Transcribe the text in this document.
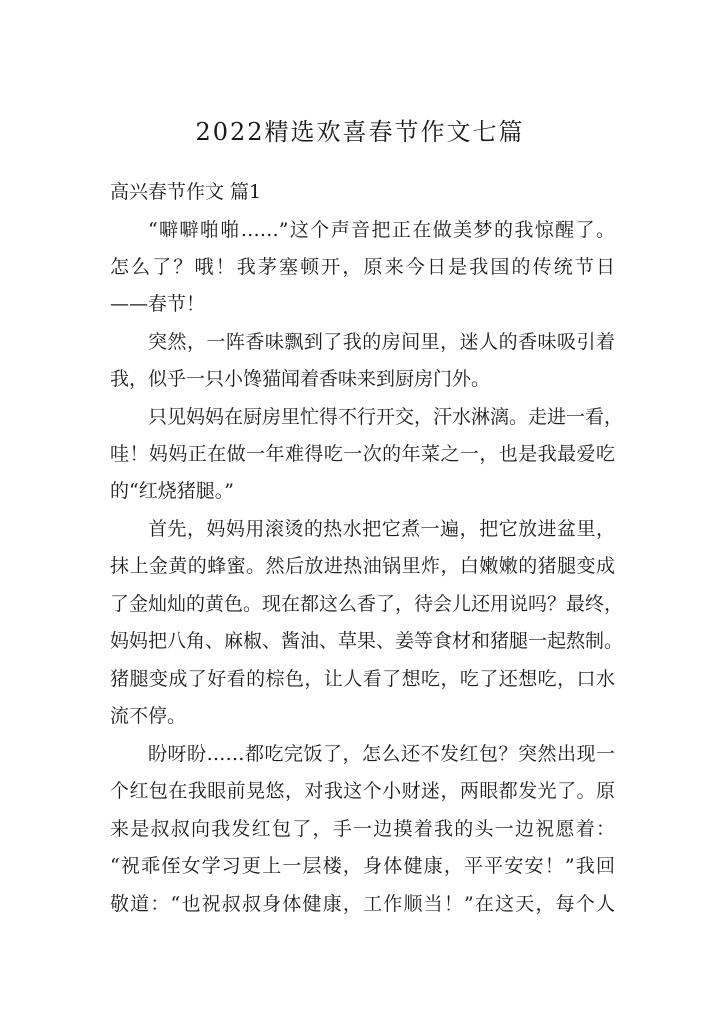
2022精选欢喜春节作文七篇
高兴春节作文 篇1
“噼噼啪啪……”这个声音把正在做美梦的我惊醒了。
怎么了？哦！我茅塞顿开，原来今日是我国的传统节日
——春节！
突然，一阵香味飘到了我的房间里，迷人的香味吸引着
我，似乎一只小馋猫闻着香味来到厨房门外。
只见妈妈在厨房里忙得不行开交，汗水淋漓。走进一看，
哇！妈妈正在做一年难得吃一次的年菜之一，也是我最爱吃
的“红烧猪腿。”
首先，妈妈用滚烫的热水把它煮一遍，把它放进盆里，
抹上金黄的蜂蜜。然后放进热油锅里炸，白嫩嫩的猪腿变成
了金灿灿的黄色。现在都这么香了，待会儿还用说吗？最终，
妈妈把八角、麻椒、酱油、草果、姜等食材和猪腿一起熬制。
猪腿变成了好看的棕色，让人看了想吃，吃了还想吃，口水
流不停。
盼呀盼……都吃完饭了，怎么还不发红包？突然出现一
个红包在我眼前晃悠，对我这个小财迷，两眼都发光了。原
来是叔叔向我发红包了，手一边摸着我的头一边祝愿着：
“祝乖侄女学习更上一层楼，身体健康，平平安安！”我回
敬道：“也祝叔叔身体健康，工作顺当！”在这天，每个人
